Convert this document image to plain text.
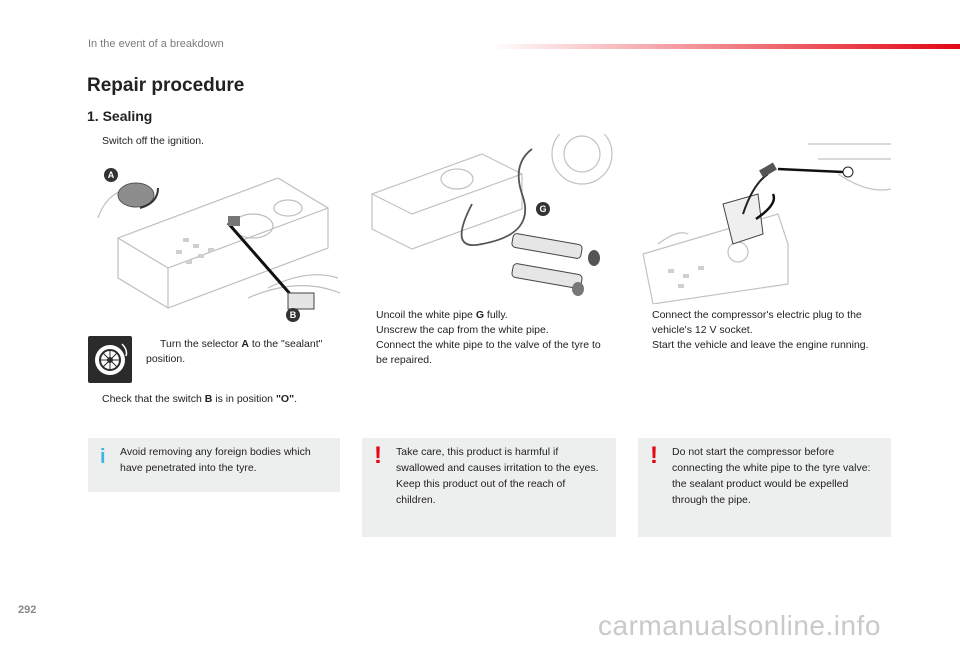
In the event of a breakdown
Repair procedure
1. Sealing
Switch off the ignition.
A
B
Turn the selector A to the "sealant" position.
Check that the switch B is in position "O".
G
Uncoil the white pipe G fully.
Unscrew the cap from the white pipe.
Connect the white pipe to the valve of the tyre to be repaired.
Connect the compressor's electric plug to the vehicle's 12 V socket.
Start the vehicle and leave the engine running.
i Avoid removing any foreign bodies which have penetrated into the tyre.	! Take care, this product is harmful if swallowed and causes irritation to the eyes.
Keep this product out of the reach of children.
! Do not start the compressor before connecting the white pipe to the tyre valve: the sealant product would be expelled through the pipe.
292	carmanualsonline.info
